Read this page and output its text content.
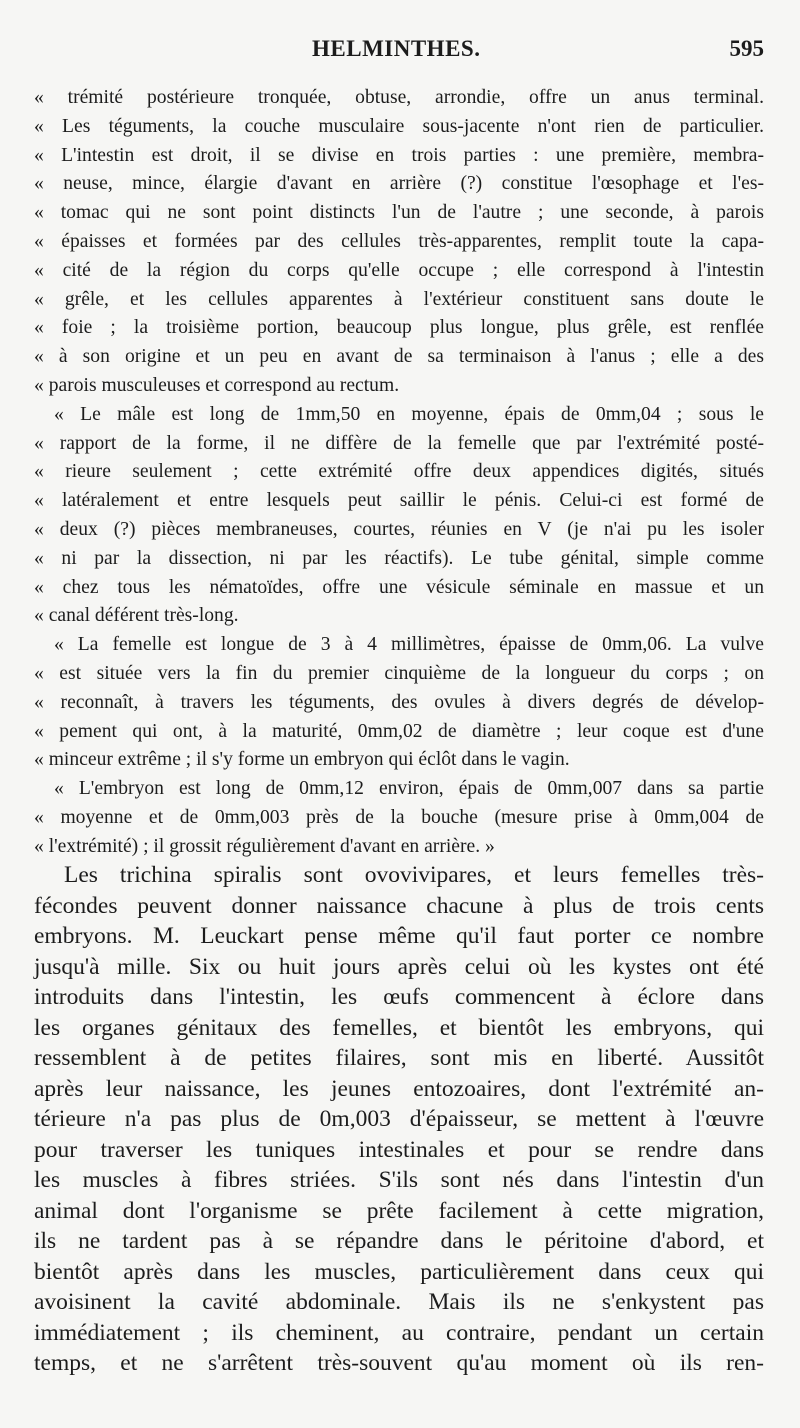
HELMINTHES.	595
« trémité postérieure tronquée, obtuse, arrondie, offre un anus terminal.
« Les téguments, la couche musculaire sous-jacente n'ont rien de particulier.
« L'intestin est droit, il se divise en trois parties : une première, membra-
« neuse, mince, élargie d'avant en arrière (?) constitue l'œsophage et l'es-
« tomac qui ne sont point distincts l'un de l'autre ; une seconde, à parois
« épaisses et formées par des cellules très-apparentes, remplit toute la capa-
« cité de la région du corps qu'elle occupe ; elle correspond à l'intestin
« grêle, et les cellules apparentes à l'extérieur constituent sans doute le
« foie ; la troisième portion, beaucoup plus longue, plus grêle, est renflée
« à son origine et un peu en avant de sa terminaison à l'anus ; elle a des
« parois musculeuses et correspond au rectum.
« Le mâle est long de 1mm,50 en moyenne, épais de 0mm,04 ; sous le
« rapport de la forme, il ne diffère de la femelle que par l'extrémité posté-
« rieure seulement ; cette extrémité offre deux appendices digités, situés
« latéralement et entre lesquels peut saillir le pénis. Celui-ci est formé de
« deux (?) pièces membraneuses, courtes, réunies en V (je n'ai pu les isoler
« ni par la dissection, ni par les réactifs). Le tube génital, simple comme
« chez tous les nématoïdes, offre une vésicule séminale en massue et un
« canal déférent très-long.
« La femelle est longue de 3 à 4 millimètres, épaisse de 0mm,06. La vulve
« est située vers la fin du premier cinquième de la longueur du corps ; on
« reconnaît, à travers les téguments, des ovules à divers degrés de dévelop-
« pement qui ont, à la maturité, 0mm,02 de diamètre ; leur coque est d'une
« minceur extrême ; il s'y forme un embryon qui éclôt dans le vagin.
« L'embryon est long de 0mm,12 environ, épais de 0mm,007 dans sa partie
« moyenne et de 0mm,003 près de la bouche (mesure prise à 0mm,004 de
« l'extrémité) ; il grossit régulièrement d'avant en arrière. »
Les trichina spiralis sont ovovivipares, et leurs femelles très-
fécondes peuvent donner naissance chacune à plus de trois cents
embryons. M. Leuckart pense même qu'il faut porter ce nombre
jusqu'à mille. Six ou huit jours après celui où les kystes ont été
introduits dans l'intestin, les œufs commencent à éclore dans
les organes génitaux des femelles, et bientôt les embryons, qui
ressemblent à de petites filaires, sont mis en liberté. Aussitôt
après leur naissance, les jeunes entozoaires, dont l'extrémité an-
térieure n'a pas plus de 0m,003 d'épaisseur, se mettent à l'œuvre
pour traverser les tuniques intestinales et pour se rendre dans
les muscles à fibres striées. S'ils sont nés dans l'intestin d'un
animal dont l'organisme se prête facilement à cette migration,
ils ne tardent pas à se répandre dans le péritoine d'abord, et
bientôt après dans les muscles, particulièrement dans ceux qui
avoisinent la cavité abdominale. Mais ils ne s'enkystent pas
immédiatement ; ils cheminent, au contraire, pendant un certain
temps, et ne s'arrêtent très-souvent qu'au moment où ils ren-
